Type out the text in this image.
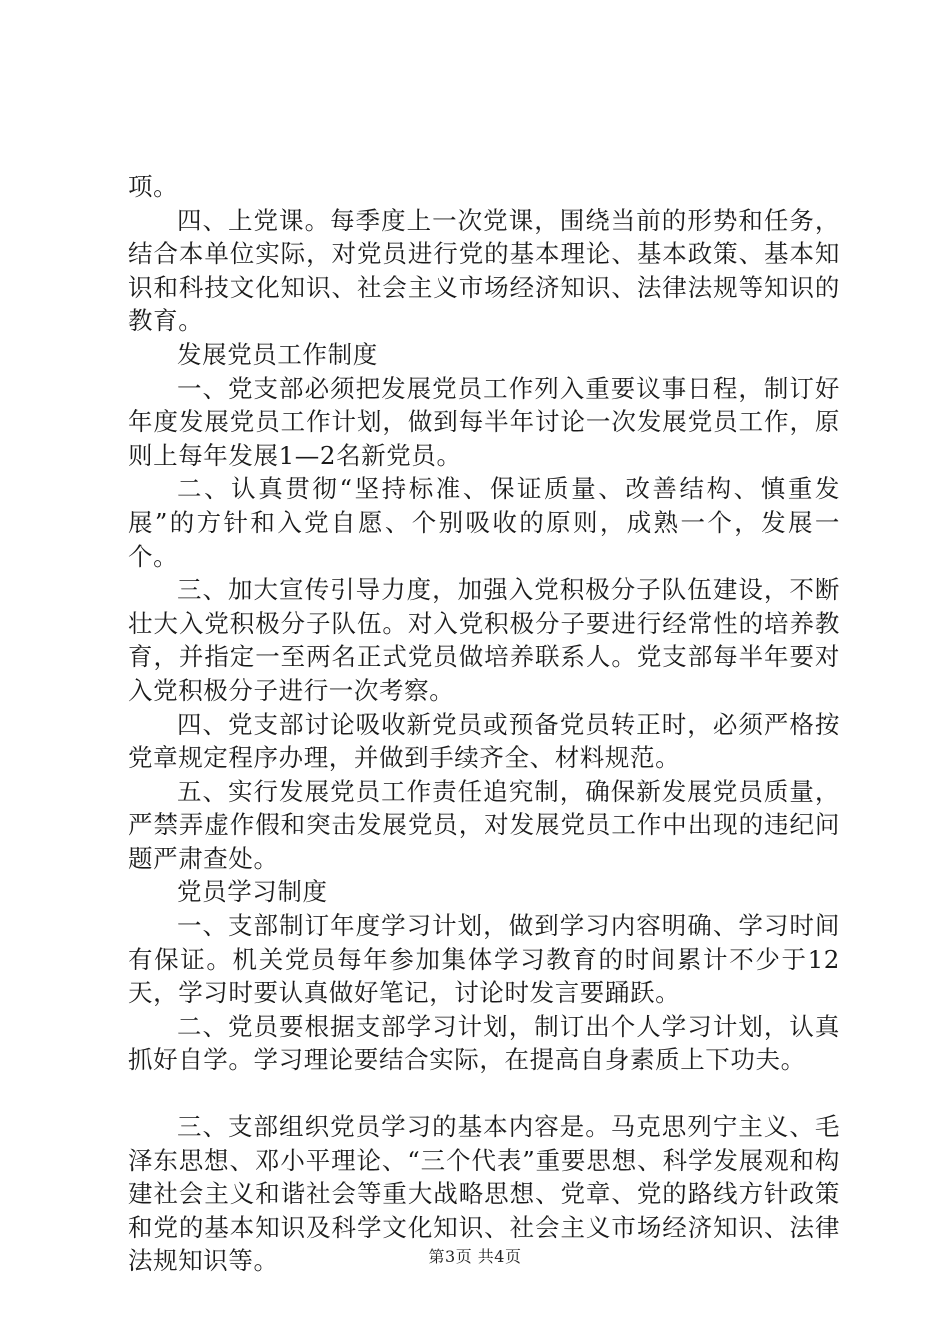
项。

四、上党课。每季度上一次党课，围绕当前的形势和任务，结合本单位实际，对党员进行党的基本理论、基本政策、基本知识和科技文化知识、社会主义市场经济知识、法律法规等知识的教育。

发展党员工作制度

一、党支部必须把发展党员工作列入重要议事日程，制订好年度发展党员工作计划，做到每半年讨论一次发展党员工作，原则上每年发展1—2名新党员。

二、认真贯彻“坚持标准、保证质量、改善结构、慎重发展”的方针和入党自愿、个别吸收的原则，成熟一个，发展一个。

三、加大宣传引导力度，加强入党积极分子队伍建设，不断壮大入党积极分子队伍。对入党积极分子要进行经常性的培养教育，并指定一至两名正式党员做培养联系人。党支部每半年要对入党积极分子进行一次考察。

四、党支部讨论吸收新党员或预备党员转正时，必须严格按党章规定程序办理，并做到手续齐全、材料规范。

五、实行发展党员工作责任追究制，确保新发展党员质量，严禁弄虚作假和突击发展党员，对发展党员工作中出现的违纪问题严肃查处。

党员学习制度

一、支部制订年度学习计划，做到学习内容明确、学习时间有保证。机关党员每年参加集体学习教育的时间累计不少于12天，学习时要认真做好笔记，讨论时发言要踊跃。

二、党员要根据支部学习计划，制订出个人学习计划，认真抓好自学。学习理论要结合实际，在提高自身素质上下功夫。

三、支部组织党员学习的基本内容是。马克思列宁主义、毛泽东思想、邓小平理论、“三个代表”重要思想、科学发展观和构建社会主义和谐社会等重大战略思想、党章、党的路线方针政策和党的基本知识及科学文化知识、社会主义市场经济知识、法律法规知识等。	第3页 共4页
